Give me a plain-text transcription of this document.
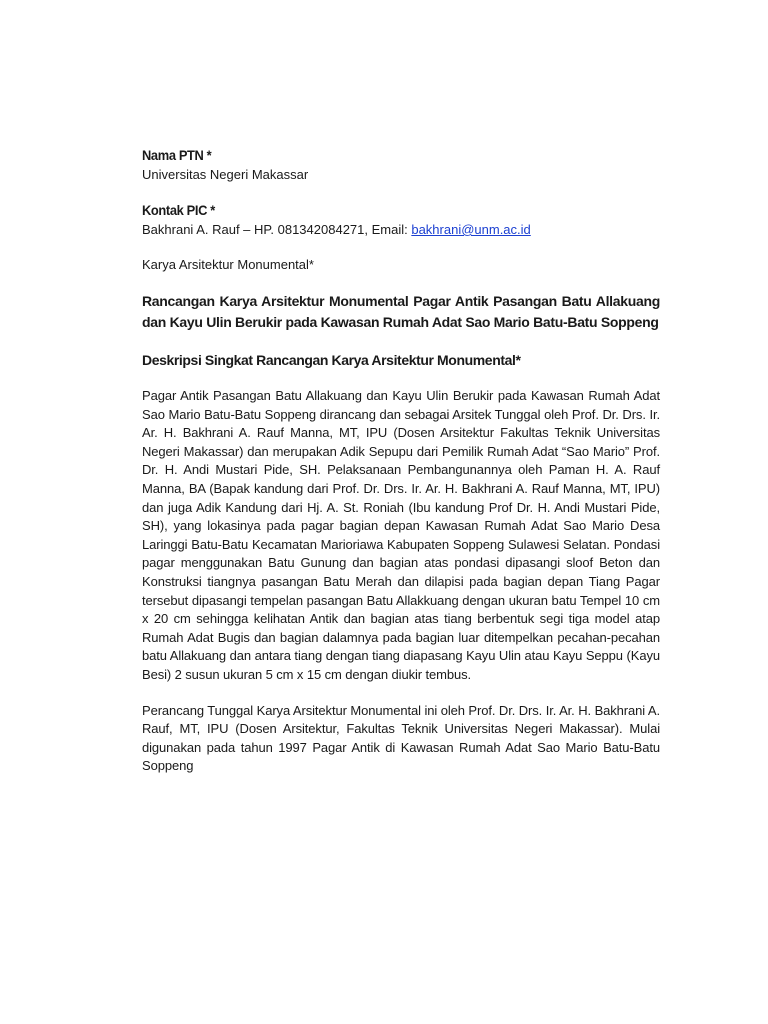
Nama PTN *
Universitas Negeri Makassar
Kontak PIC *
Bakhrani A. Rauf – HP. 081342084271, Email: bakhrani@unm.ac.id
Karya Arsitektur Monumental*
Rancangan Karya Arsitektur Monumental Pagar Antik Pasangan Batu Allakuang dan Kayu Ulin Berukir pada Kawasan Rumah Adat Sao Mario Batu-Batu Soppeng
Deskripsi Singkat Rancangan Karya Arsitektur Monumental*
Pagar Antik Pasangan Batu Allakuang dan Kayu Ulin Berukir pada Kawasan Rumah Adat Sao Mario Batu-Batu Soppeng dirancang dan sebagai Arsitek Tunggal oleh Prof. Dr. Drs. Ir. Ar. H. Bakhrani A. Rauf Manna, MT, IPU (Dosen Arsitektur Fakultas Teknik Universitas Negeri Makassar) dan merupakan Adik Sepupu dari Pemilik Rumah Adat “Sao Mario” Prof. Dr. H. Andi Mustari Pide, SH. Pelaksanaan Pembangunannya oleh Paman H. A. Rauf Manna, BA (Bapak kandung dari Prof. Dr. Drs. Ir. Ar. H. Bakhrani A. Rauf Manna, MT, IPU) dan juga Adik Kandung dari Hj. A. St. Roniah (Ibu kandung Prof Dr. H. Andi Mustari Pide, SH), yang lokasinya pada pagar bagian depan Kawasan Rumah Adat Sao Mario Desa Laringgi Batu-Batu Kecamatan Marioriawa Kabupaten Soppeng Sulawesi Selatan. Pondasi pagar menggunakan Batu Gunung dan bagian atas pondasi dipasangi sloof Beton dan Konstruksi tiangnya pasangan Batu Merah dan dilapisi pada bagian depan Tiang Pagar tersebut dipasangi tempelan pasangan Batu Allakkuang dengan ukuran batu Tempel 10 cm x 20 cm sehingga kelihatan Antik dan bagian atas tiang berbentuk segi tiga model atap Rumah Adat Bugis dan bagian dalamnya pada bagian luar ditempelkan pecahan-pecahan batu Allakuang dan antara tiang dengan tiang diapasang Kayu Ulin atau Kayu Seppu (Kayu Besi) 2 susun ukuran 5 cm x 15 cm dengan diukir tembus.
Perancang Tunggal Karya Arsitektur Monumental ini oleh Prof. Dr. Drs. Ir. Ar. H. Bakhrani A. Rauf, MT, IPU (Dosen Arsitektur, Fakultas Teknik Universitas Negeri Makassar). Mulai digunakan pada tahun 1997 Pagar Antik di Kawasan Rumah Adat Sao Mario Batu-Batu Soppeng
